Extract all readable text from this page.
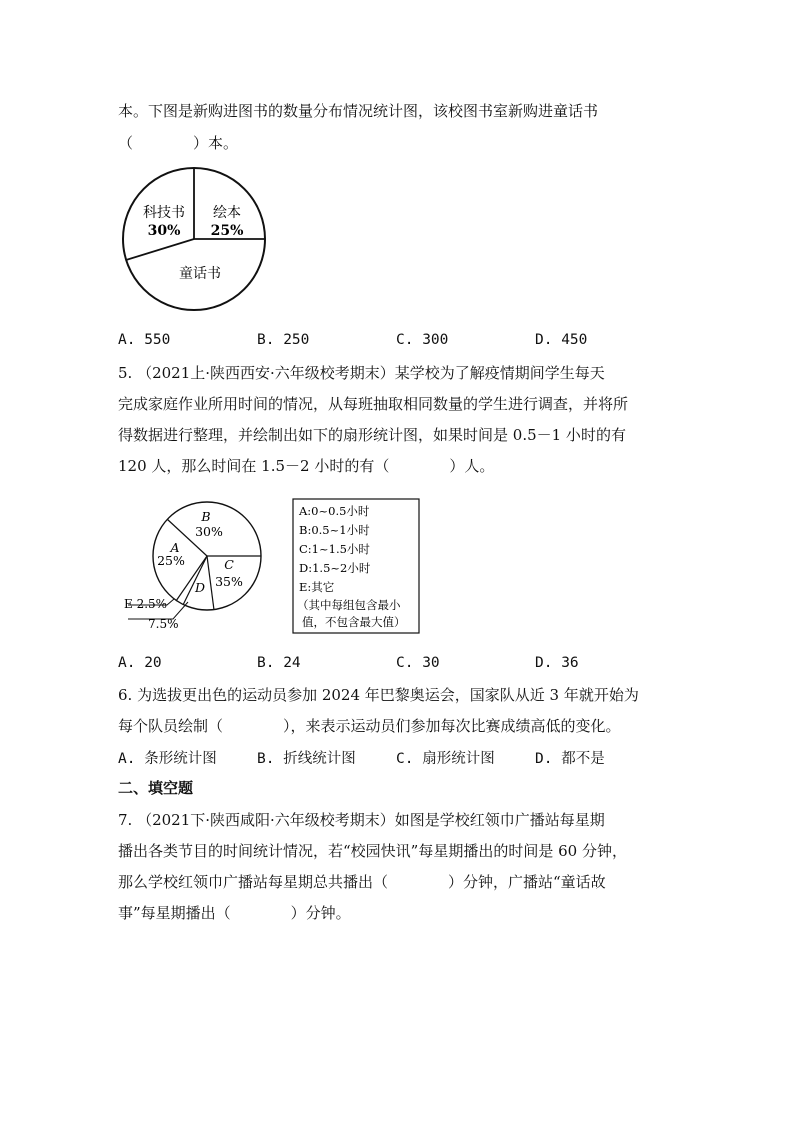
本。下图是新购进图书的数量分布情况统计图，该校图书室新购进童话书
（　　　　）本。
科技书
30%
绘本
25%
童话书
A. 550	B. 250	C. 300	D. 450
5. （2021上·陕西西安·六年级校考期末）某学校为了解疫情期间学生每天
完成家庭作业所用时间的情况，从每班抽取相同数量的学生进行调查，并将所
得数据进行整理，并绘制出如下的扇形统计图，如果时间是 0.5－1 小时的有
120 人，那么时间在 1.5－2 小时的有（　　　　）人。
B
30%
A
25%	C
35%
D
E 2.5%
7.5%
A:0~0.5小时
B:0.5~1小时
C:1~1.5小时
D:1.5~2小时
E:其它
（其中每组包含最小
值，不包含最大值）
A. 20	B. 24	C. 30	D. 36
6. 为选拔更出色的运动员参加 2024 年巴黎奥运会，国家队从近 3 年就开始为
每个队员绘制（　　　　），来表示运动员们参加每次比赛成绩高低的变化。
A. 条形统计图	B. 折线统计图	C. 扇形统计图	D. 都不是
二、填空题
7. （2021下·陕西咸阳·六年级校考期末）如图是学校红领巾广播站每星期
播出各类节目的时间统计情况，若“校园快讯”每星期播出的时间是 60 分钟，
那么学校红领巾广播站每星期总共播出（　　　　）分钟，广播站“童话故
事”每星期播出（　　　　）分钟。
